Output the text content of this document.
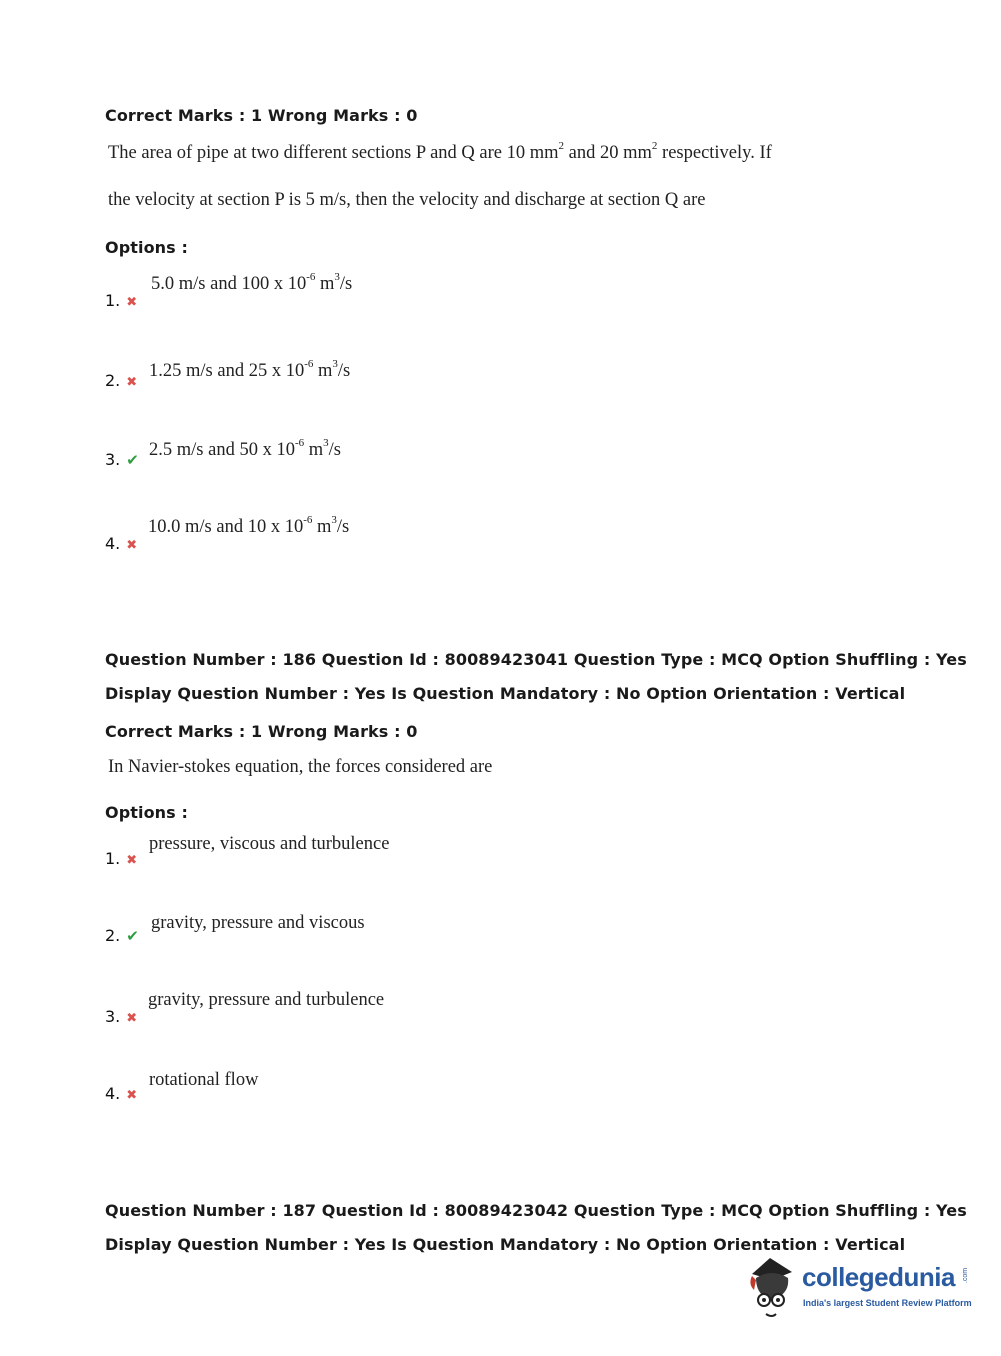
Correct Marks : 1 Wrong Marks : 0
The area of pipe at two different sections P and Q are 10 $mm^2$ and 20 $mm^2$ respectively. If
the velocity at section P is 5 m/s, then the velocity and discharge at section Q are
Options :
1. ✖
5.0 m/s and 100 x $10^{-6}$ $m^3/s$
2. ✖
1.25 m/s and 25 x $10^{-6}$ $m^3/s$
3. ✔ 2.5 m/s and 50 x $10^{-6}$ $m^3/s$
4. ✖
10.0 m/s and 10 x $10^{-6}$ $m^3/s$
Question Number : 186 Question Id : 80089423041 Question Type : MCQ Option Shuffling : Yes
Display Question Number : Yes Is Question Mandatory : No Option Orientation : Vertical
Correct Marks : 1 Wrong Marks : 0
In Navier-stokes equation, the forces considered are
Options :
1. ✖
pressure, viscous and turbulence
2. ✔
gravity, pressure and viscous
3. ✖
gravity, pressure and turbulence
4. ✖
rotational flow
Question Number : 187 Question Id : 80089423042 Question Type : MCQ Option Shuffling : Yes
Display Question Number : Yes Is Question Mandatory : No Option Orientation : Vertical
collegedunia
India's largest Student Review Platform
.com
